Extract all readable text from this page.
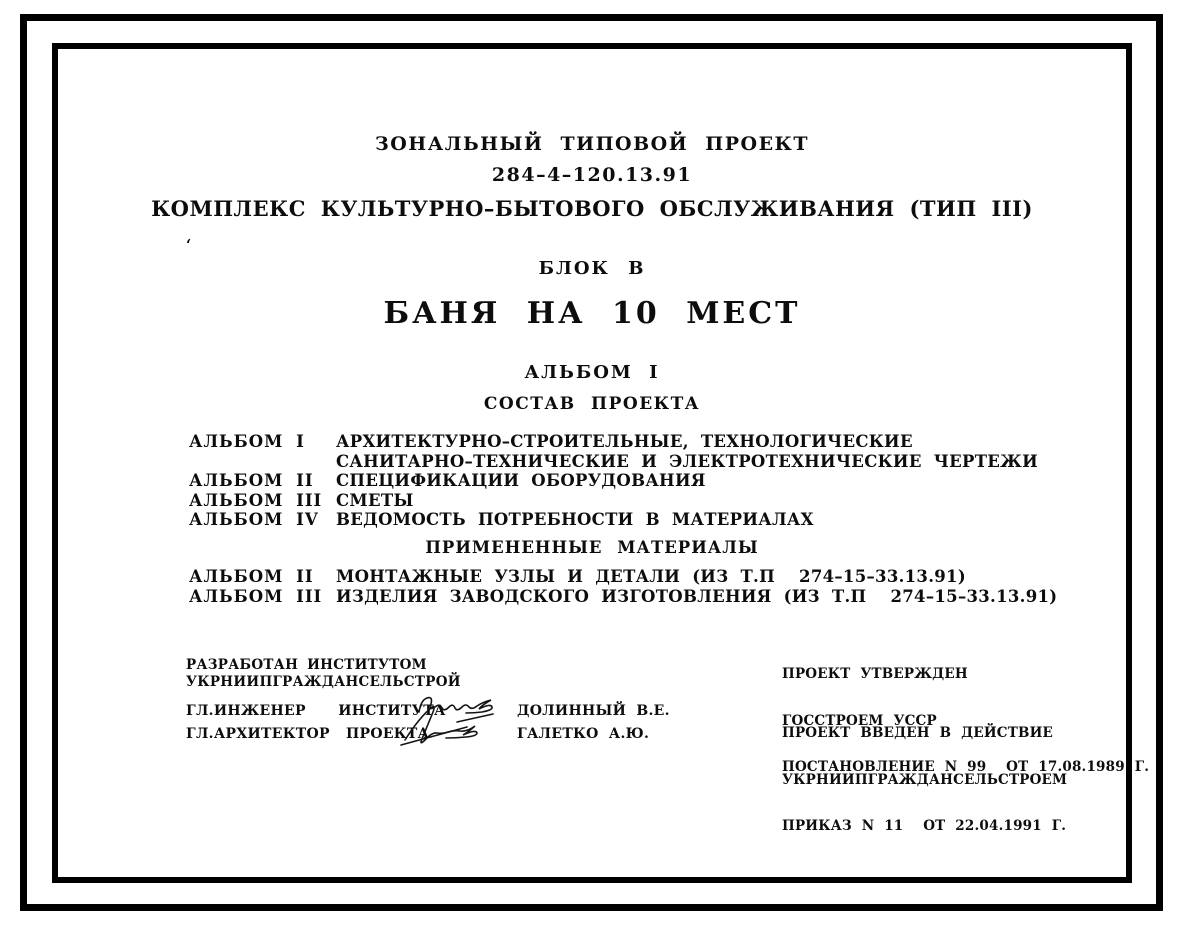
ЗОНАЛЬНЫЙ ТИПОВОЙ ПРОЕКТ
284–4–120.13.91
КОМПЛЕКС КУЛЬТУРНО–БЫТОВОГО ОБСЛУЖИВАНИЯ (ТИП III)
‘
БЛОК В
БАНЯ НА 10 МЕСТ
АЛЬБОМ I
СОСТАВ ПРОЕКТА
АЛЬБОМ I	АРХИТЕКТУРНО–СТРОИТЕЛЬНЫЕ, ТЕХНОЛОГИЧЕСКИЕ
САНИТАРНО–ТЕХНИЧЕСКИЕ И ЭЛЕКТРОТЕХНИЧЕСКИЕ ЧЕРТЕЖИ
АЛЬБОМ II	СПЕЦИФИКАЦИИ ОБОРУДОВАНИЯ
АЛЬБОМ III СМЕТЫ
АЛЬБОМ IV	ВЕДОМОСТЬ ПОТРЕБНОСТИ В МАТЕРИАЛАХ
ПРИМЕНЕННЫЕ МАТЕРИАЛЫ
АЛЬБОМ II	МОНТАЖНЫЕ УЗЛЫ И ДЕТАЛИ (ИЗ Т.П  274–15–33.13.91)
АЛЬБОМ III ИЗДЕЛИЯ ЗАВОДСКОГО ИЗГОТОВЛЕНИЯ (ИЗ Т.П  274–15–33.13.91)
РАЗРАБОТАН ИНСТИТУТОМ
УКРНИИПГРАЖДАНСЕЛЬСТРОЙ
ГЛ.ИНЖЕНЕР  ИНСТИТУТА	ДОЛИННЫЙ В.Е.
ГЛ.АРХИТЕКТОР ПРОЕКТА	ГАЛЕТКО А.Ю.

ПРОЕКТ УТВЕРЖДЕН

ГОССТРОЕМ УССР

ПОСТАНОВЛЕНИЕ N 99  ОТ 17.08.1989 Г.

ПРОЕКТ ВВЕДЕН В ДЕЙСТВИЕ

УКРНИИПГРАЖДАНСЕЛЬСТРОЕМ

ПРИКАЗ N 11  ОТ 22.04.1991 Г.
